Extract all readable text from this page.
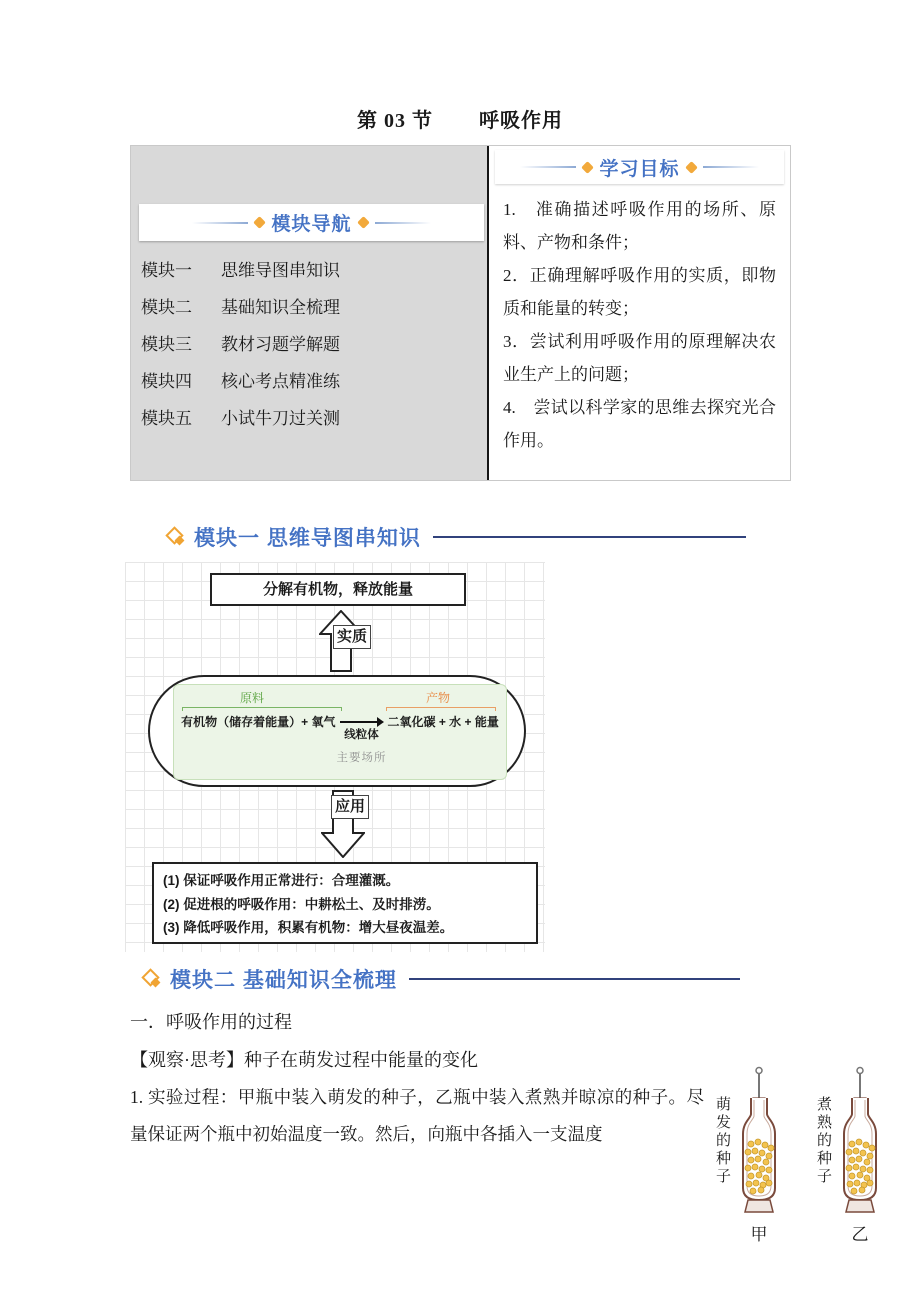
第 03 节 呼吸作用
模块导航
模块一	思维导图串知识
模块二	基础知识全梳理
模块三	教材习题学解题
模块四	核心考点精准练
模块五	小试牛刀过关测
学习目标

1.　准确描述呼吸作用的场所、原料、产物和条件；

2．正确理解呼吸作用的实质，即物质和能量的转变；

3．尝试利用呼吸作用的原理解决农业生产上的问题；

4.　尝试以科学家的思维去探究光合作用。

模块一 思维导图串知识
分解有机物，释放能量
实质
原料	产物
有机物（储存着能量）+ 氧气
线粒体
主要场所
二氧化碳 + 水 + 能量
应用
(1) 保证呼吸作用正常进行：合理灌溉。
(2) 促进根的呼吸作用：中耕松土、及时排涝。
(3) 降低呼吸作用，积累有机物：增大昼夜温差。
模块二 基础知识全梳理
一．呼吸作用的过程
【观察·思考】种子在萌发过程中能量的变化
1. 实验过程：甲瓶中装入萌发的种子，乙瓶中装入煮熟并晾凉的种子。尽量保证两个瓶中初始温度一致。然后，向瓶中各插入一支温度	萌发的种子
甲
煮熟的种子
乙
